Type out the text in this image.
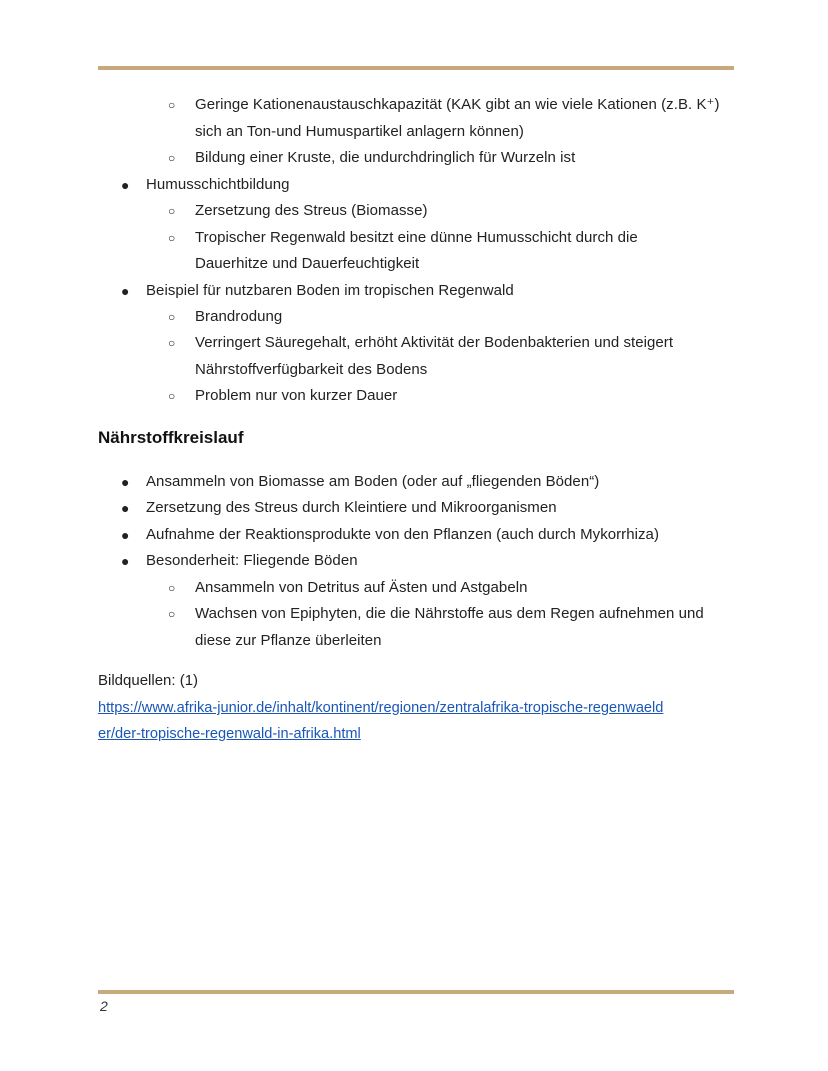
○ Geringe Kationenaustauschkapazität (KAK gibt an wie viele Kationen (z.B. K⁺)
sich an Ton-und Humuspartikel anlagern können)
○ Bildung einer Kruste, die undurchdringlich für Wurzeln ist
● Humusschichtbildung
○ Zersetzung des Streus (Biomasse)
○ Tropischer Regenwald besitzt eine dünne Humusschicht durch die
Dauerhitze und Dauerfeuchtigkeit
● Beispiel für nutzbaren Boden im tropischen Regenwald
○ Brandrodung
○ Verringert Säuregehalt, erhöht Aktivität der Bodenbakterien und steigert
Nährstoffverfügbarkeit des Bodens
○ Problem nur von kurzer Dauer
Nährstoffkreislauf
● Ansammeln von Biomasse am Boden (oder auf „fliegenden Böden“)
● Zersetzung des Streus durch Kleintiere und Mikroorganismen
● Aufnahme der Reaktionsprodukte von den Pflanzen (auch durch Mykorrhiza)
● Besonderheit: Fliegende Böden
○ Ansammeln von Detritus auf Ästen und Astgabeln
○ Wachsen von Epiphyten, die die Nährstoffe aus dem Regen aufnehmen und
diese zur Pflanze überleiten
Bildquellen: (1)
https://www.afrika-junior.de/inhalt/kontinent/regionen/zentralafrika-tropische-regenwaeld
er/der-tropische-regenwald-in-afrika.html
2
